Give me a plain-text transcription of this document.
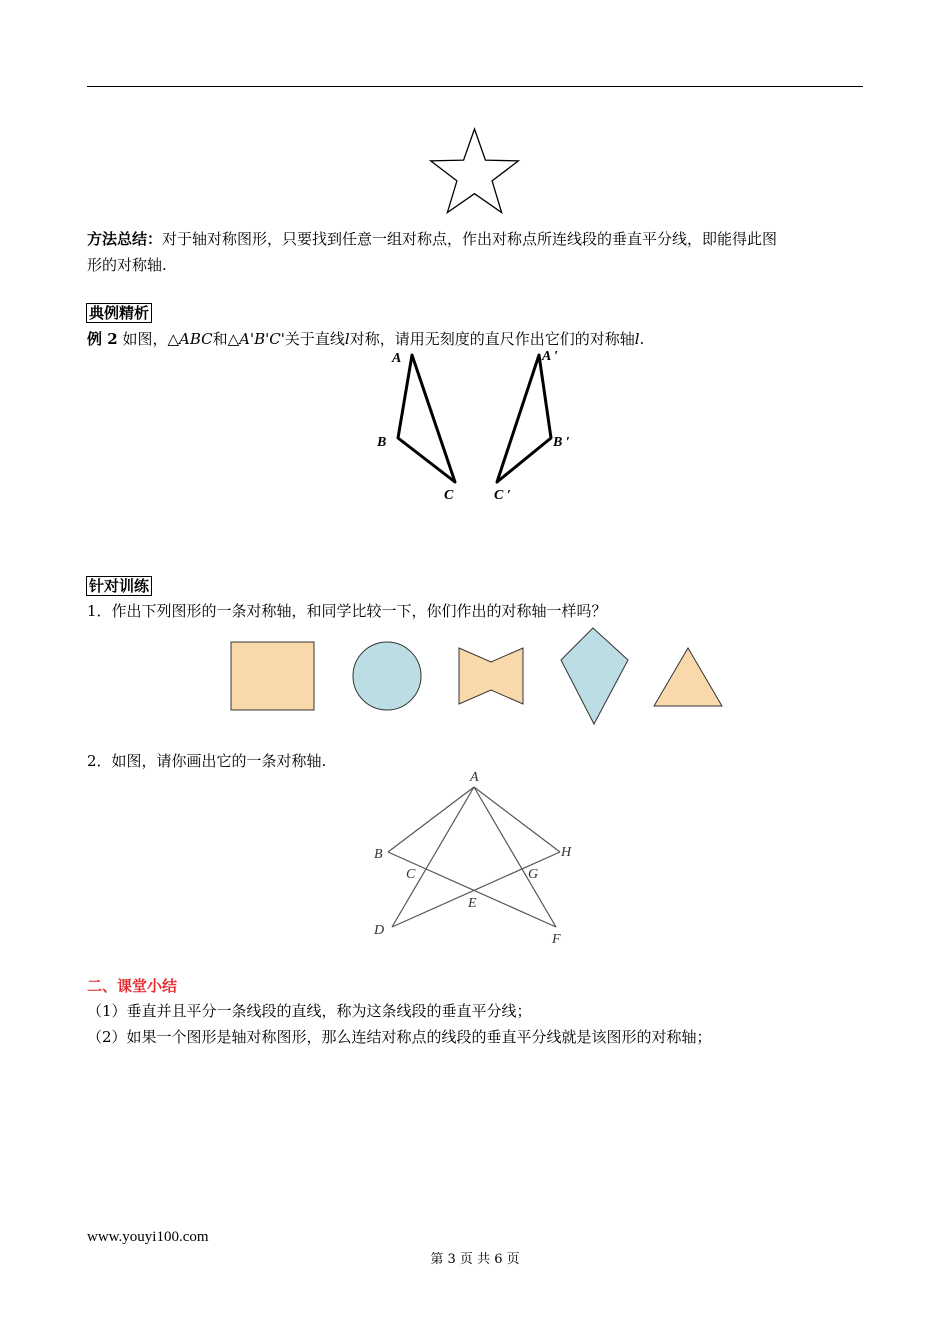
方法总结：对于轴对称图形，只要找到任意一组对称点，作出对称点所连线段的垂直平分线，即能得此图
形的对称轴.
典例精析
例 2 如图，△ABC和△A'B'C'关于直线l对称，请用无刻度的直尺作出它们的对称轴l.
A
B
C
A ′
B ′
C ′
针对训练
1．作出下列图形的一条对称轴，和同学比较一下，你们作出的对称轴一样吗？
2．如图，请你画出它的一条对称轴.
A
B
C
D
E
F
G
H
二、课堂小结
（1）垂直并且平分一条线段的直线，称为这条线段的垂直平分线；
（2）如果一个图形是轴对称图形，那么连结对称点的线段的垂直平分线就是该图形的对称轴；
www.youyi100.com
第 3 页 共 6 页
